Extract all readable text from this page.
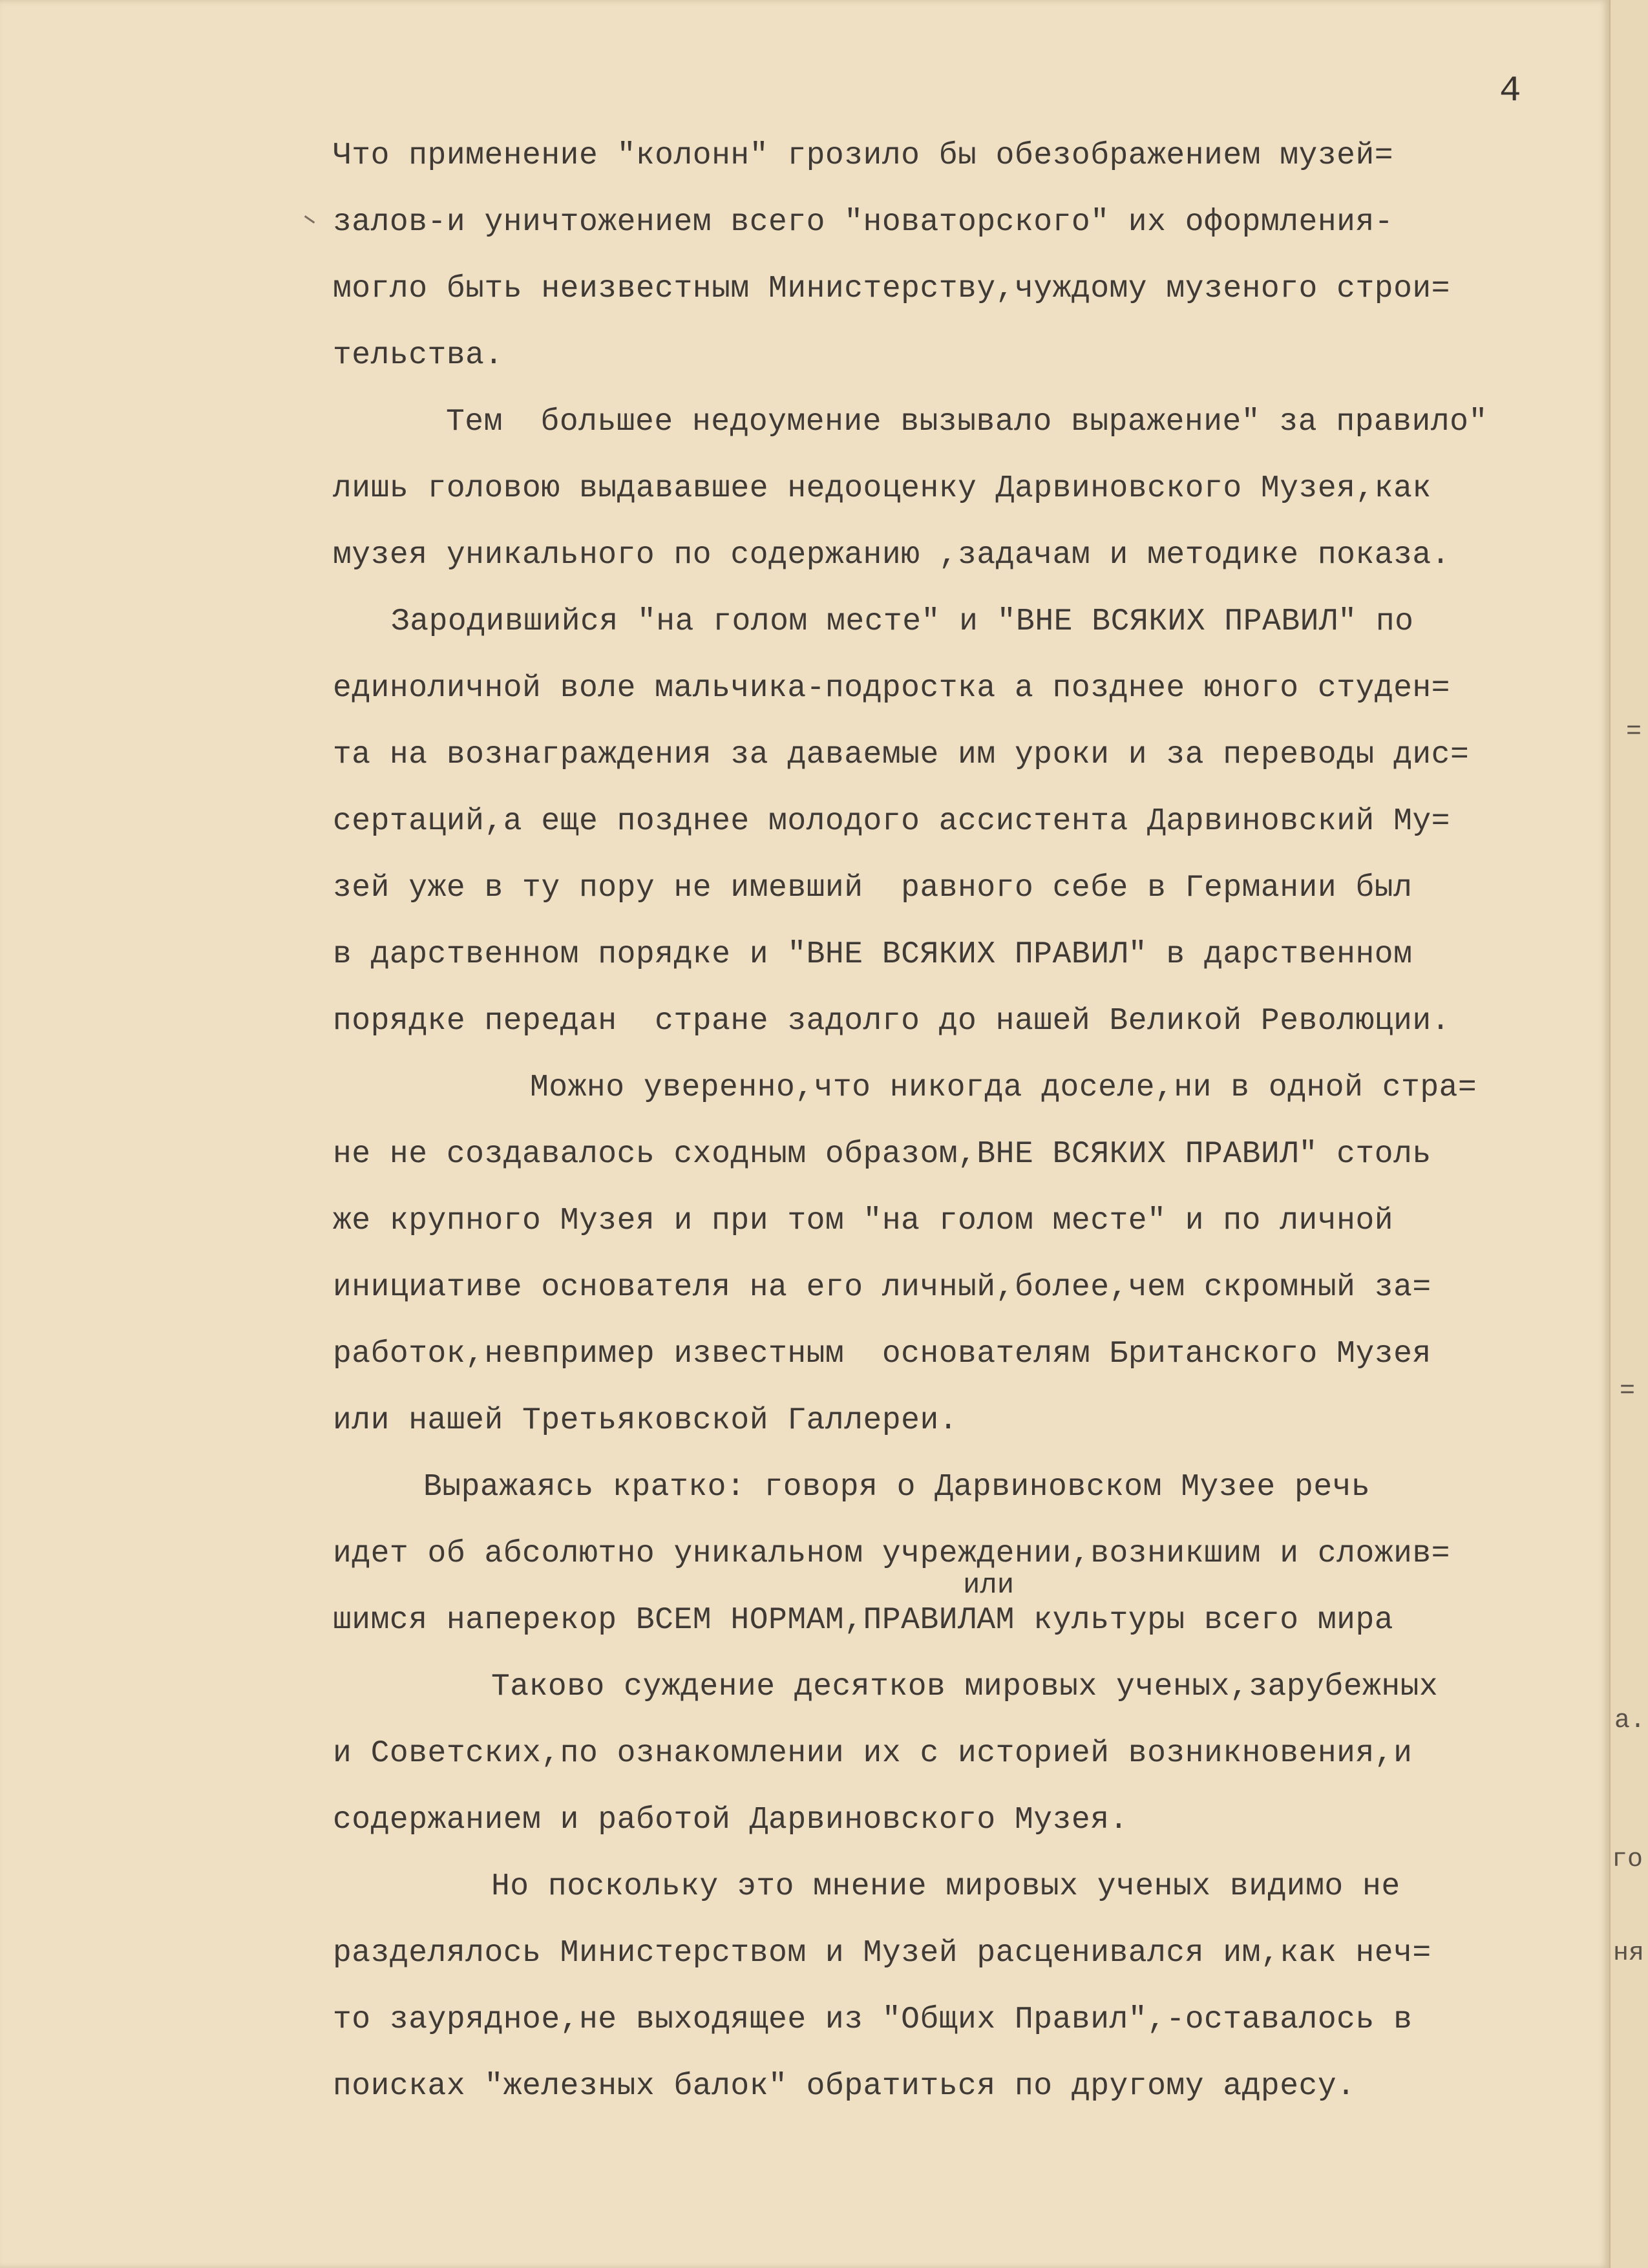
4
Что применение "колонн" грозило бы обезображением музей=
залов-и уничтожением всего "новаторского" их оформления-
могло быть неизвестным Министерству,чуждому музеного строи=
тельства.
Тем  большее недоумение вызывало выражение" за правило"
лишь головою выдававшее недооценку Дарвиновского Музея,как
музея уникального по содержанию ,задачам и методике показа.
Зародившийся "на голом месте" и "ВНЕ ВСЯКИХ ПРАВИЛ" по
единоличной воле мальчика-подростка а позднее юного студен=
та на вознаграждения за даваемые им уроки и за переводы дис=
сертаций,а еще позднее молодого ассистента Дарвиновский Му=
зей уже в ту пору не имевший  равного себе в Германии был
в дарственном порядке и "ВНЕ ВСЯКИХ ПРАВИЛ" в дарственном
порядке передан  стране задолго до нашей Великой Революции.
Можно уверенно,что никогда доселе,ни в одной стра=
не не создавалось сходным образом,ВНЕ ВСЯКИХ ПРАВИЛ" столь
же крупного Музея и при том "на голом месте" и по личной
инициативе основателя на его личный,более,чем скромный за=
работок,невпример известным  основателям Британского Музея
или нашей Третьяковской Галлереи.
Выражаясь кратко: говоря о Дарвиновском Музее речь
идет об абсолютно уникальном учреждении,возникшим и сложив=
шимся наперекор ВСЕМ НОРМАМ,ПРАВИЛАМ культуры всего мира
Таково суждение десятков мировых ученых,зарубежных
и Советских,по ознакомлении их с историей возникновения,и
содержанием и работой Дарвиновского Музея.
Но поскольку это мнение мировых ученых видимо не
разделялось Министерством и Музей расценивался им,как неч=
то заурядное,не выходящее из "Общих Правил",-оставалось в
поисках "железных балок" обратиться по другому адресу.
или
=
=
а.
го
ня
